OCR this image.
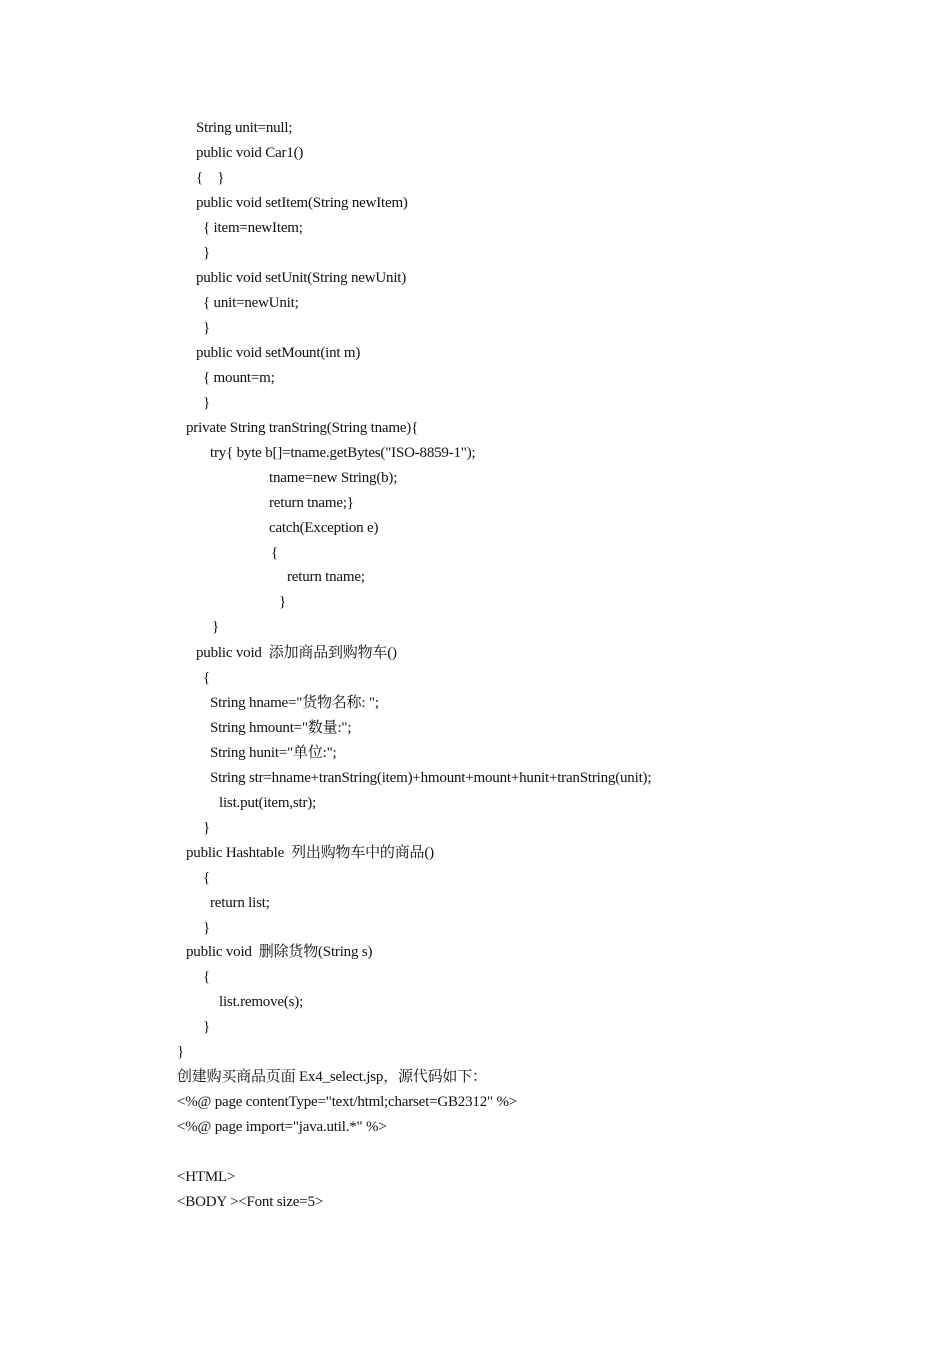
String unit=null;
public void Car1()
{    }
public void setItem(String newItem)
{ item=newItem;
}
public void setUnit(String newUnit)
{ unit=newUnit;
}
public void setMount(int m)
{ mount=m;
}
private String tranString(String tname){
try{ byte b[]=tname.getBytes("ISO-8859-1");
tname=new String(b);
return tname;}
catch(Exception e)
{
return tname;
}
}
public void  添加商品到购物车()
{
String hname="货物名称: ";
String hmount="数量:";
String hunit="单位:";
String str=hname+tranString(item)+hmount+mount+hunit+tranString(unit);
list.put(item,str);
}
public Hashtable  列出购物车中的商品()
{
return list;
}
public void  删除货物(String s)
{
list.remove(s);
}
}
创建购买商品页面 Ex4_select.jsp，源代码如下：
<%@ page contentType="text/html;charset=GB2312" %>
<%@ page import="java.util.*" %>
<HTML>
<BODY ><Font size=5>
